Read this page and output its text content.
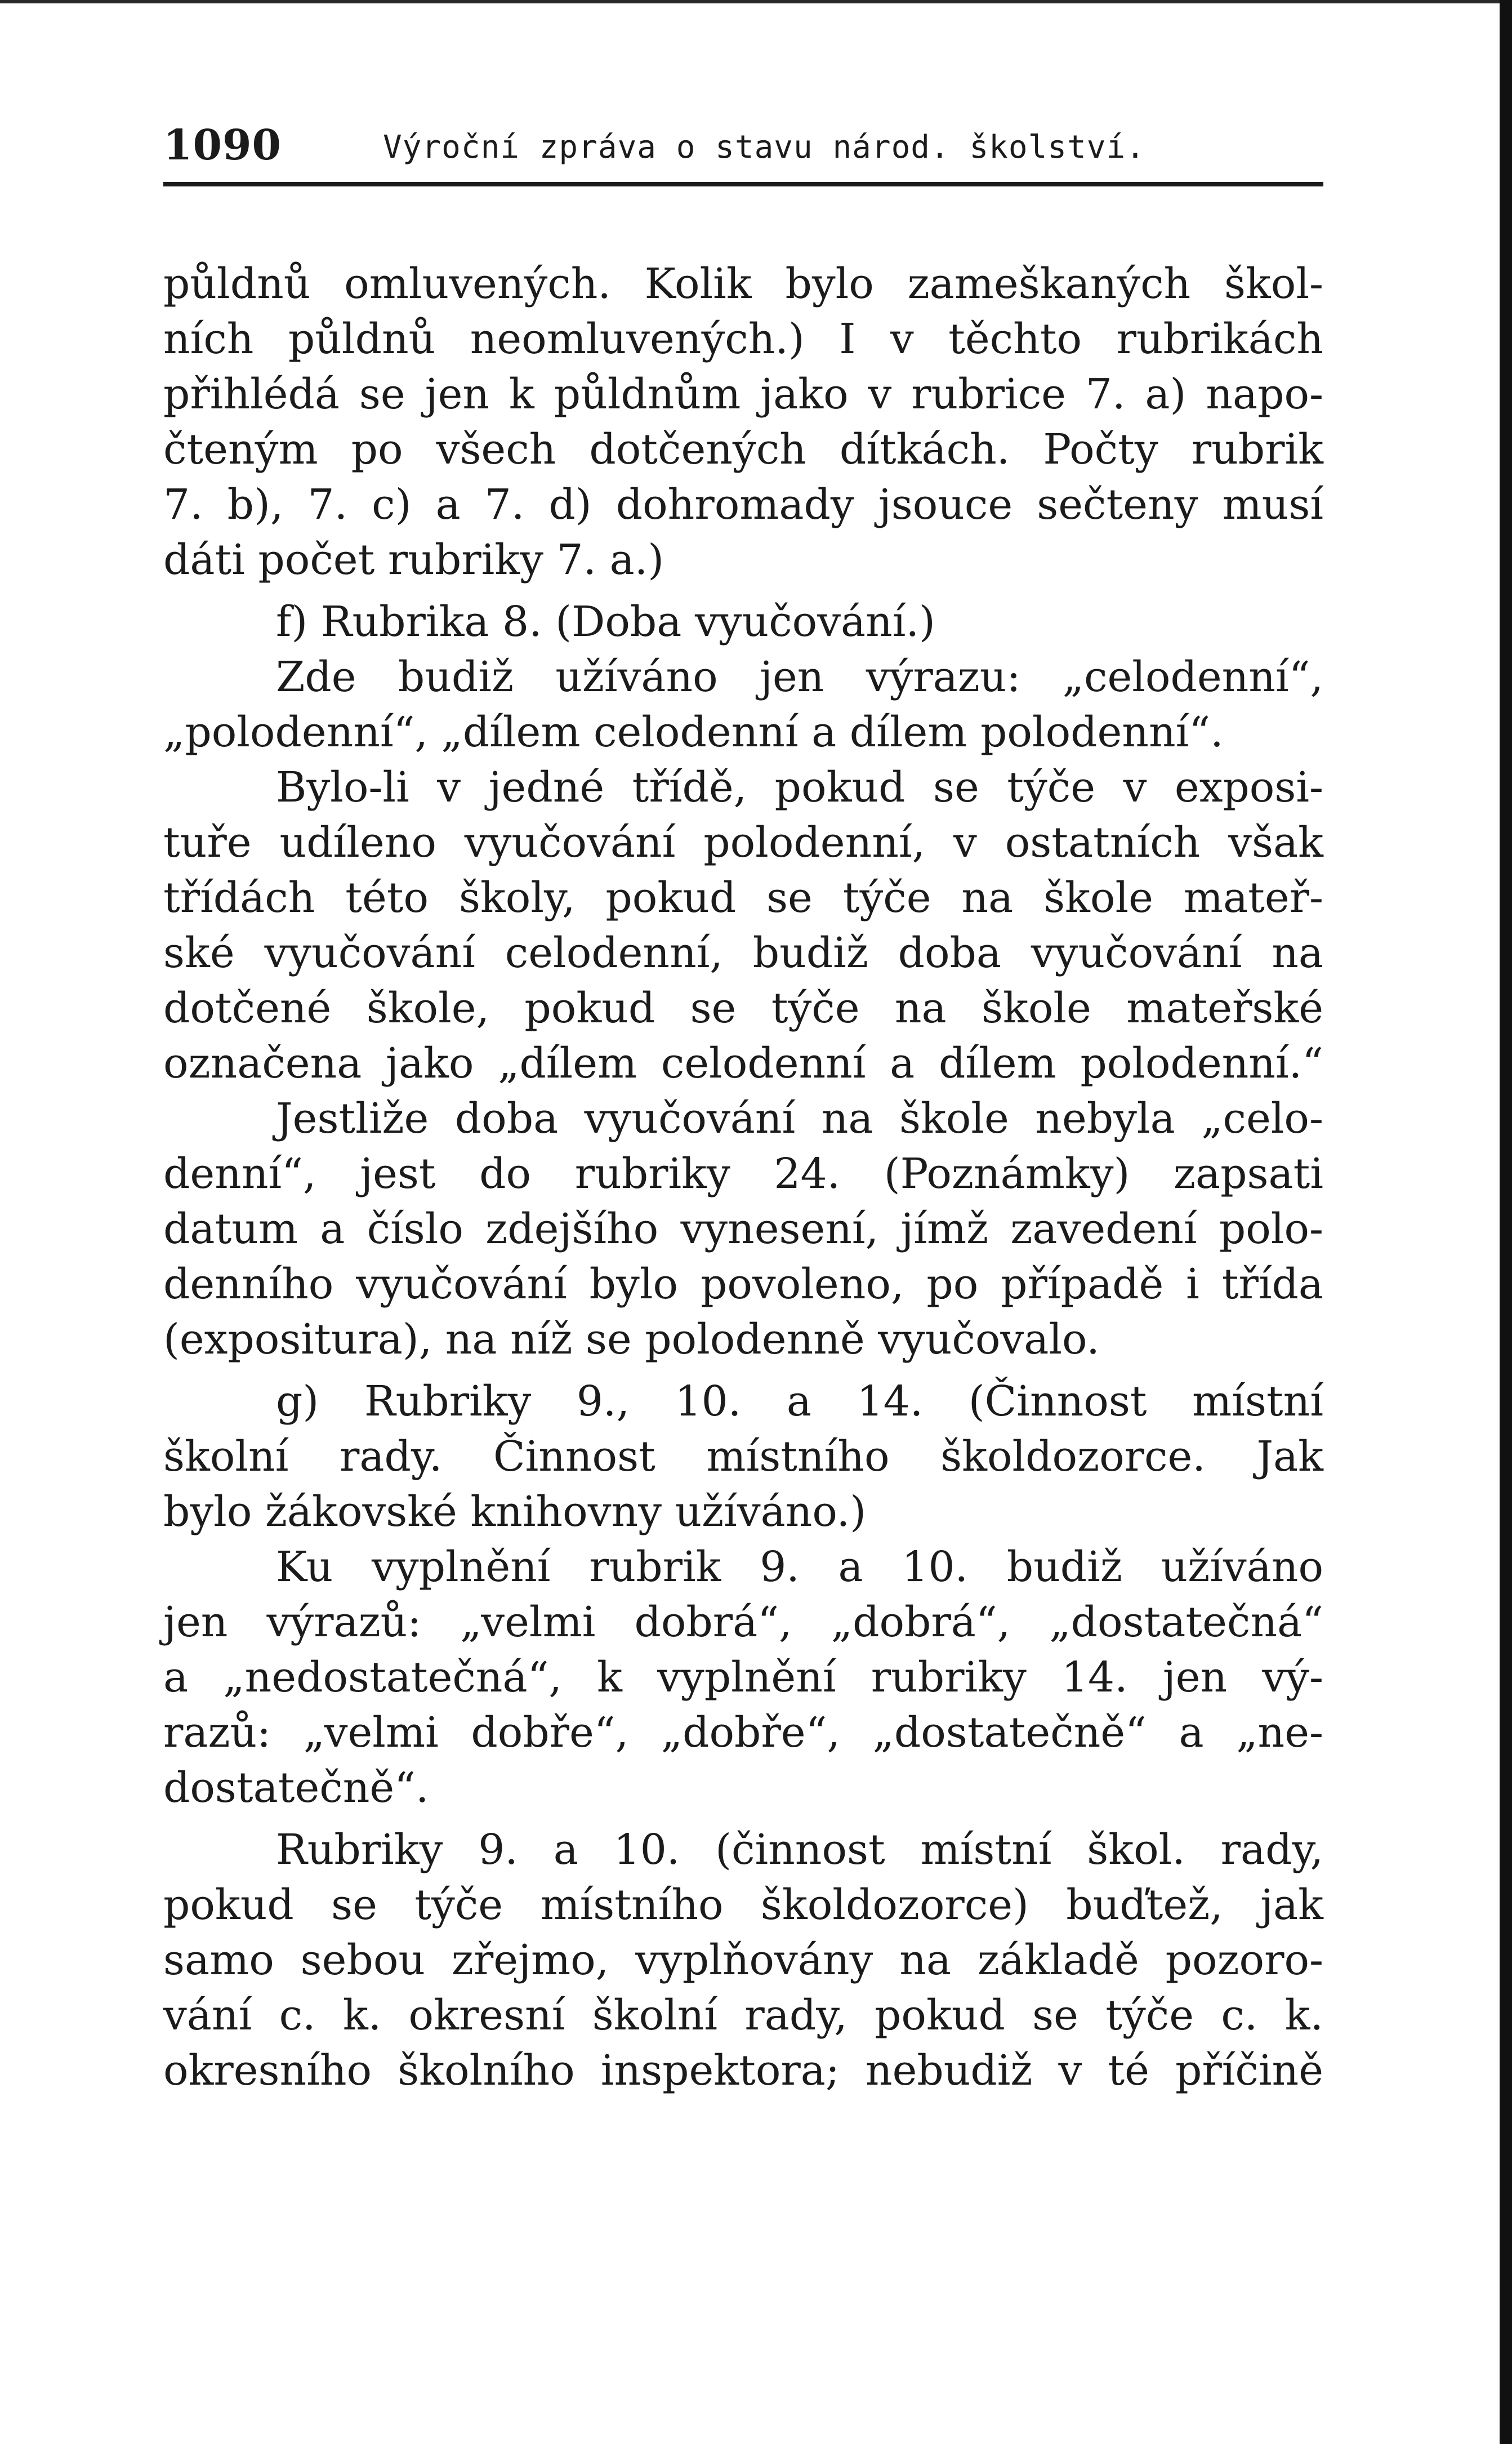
1090	Výroční zpráva o stavu národ. školství.
půldnů omluvených. Kolik bylo zameškaných škol-
ních půldnů neomluvených.) I v těchto rubrikách
přihlédá se jen k půldnům jako v rubrice 7. a) napo-
čteným po všech dotčených dítkách. Počty rubrik
7. b), 7. c) a 7. d) dohromady jsouce sečteny musí
dáti počet rubriky 7. a.)
f) Rubrika 8. (Doba vyučování.)
Zde budiž užíváno jen výrazu: „celodenní“,
„polodenní“, „dílem celodenní a dílem polodenní“.
Bylo-li v jedné třídě, pokud se týče v exposi-
tuře udíleno vyučování polodenní, v ostatních však
třídách této školy, pokud se týče na škole mateř-
ské vyučování celodenní, budiž doba vyučování na
dotčené škole, pokud se týče na škole mateřské
označena jako „dílem celodenní a dílem polodenní.“
Jestliže doba vyučování na škole nebyla „celo-
denní“, jest do rubriky 24. (Poznámky) zapsati
datum a číslo zdejšího vynesení, jímž zavedení polo-
denního vyučování bylo povoleno, po případě i třída
(expositura), na níž se polodenně vyučovalo.
g) Rubriky 9., 10. a 14. (Činnost místní
školní rady. Činnost místního školdozorce. Jak
bylo žákovské knihovny užíváno.)
Ku vyplnění rubrik 9. a 10. budiž užíváno
jen výrazů: „velmi dobrá“, „dobrá“, „dostatečná“
a „nedostatečná“, k vyplnění rubriky 14. jen vý-
razů: „velmi dobře“, „dobře“, „dostatečně“ a „ne-
dostatečně“.
Rubriky 9. a 10. (činnost místní škol. rady,
pokud se týče místního školdozorce) buďtež, jak
samo sebou zřejmo, vyplňovány na základě pozoro-
vání c. k. okresní školní rady, pokud se týče c. k.
okresního školního inspektora; nebudiž v té příčině
